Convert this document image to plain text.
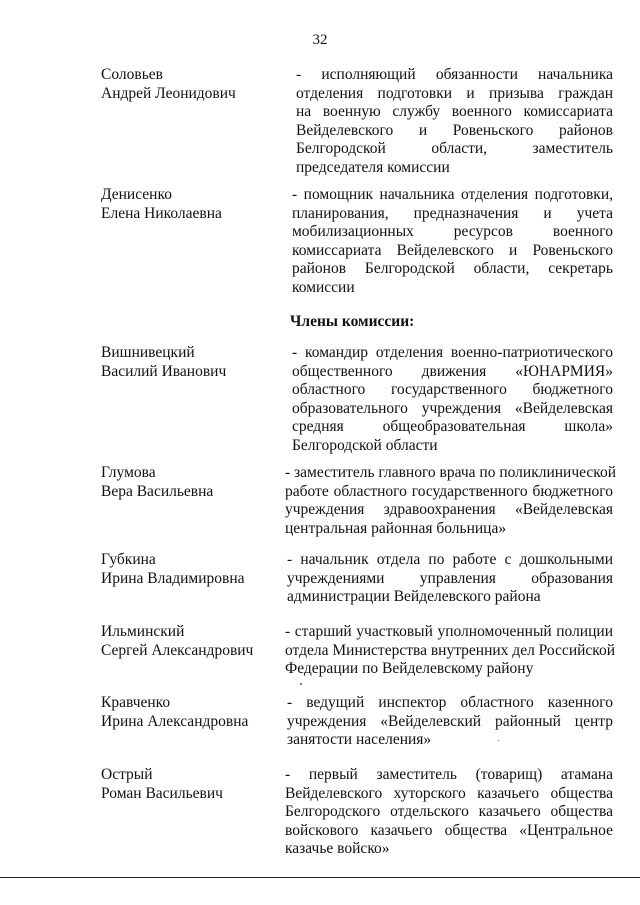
32
Соловьев
Андрей Леонидович
- исполняющий обязанности начальника
отделения подготовки и призыва граждан
на военную службу военного комиссариата
Вейделевского и Ровеньского районов
Белгородской области, заместитель
председателя комиссии
Денисенко
Елена Николаевна
- помощник начальника отделения подготовки,
планирования, предназначения и учета
мобилизационных ресурсов военного
комиссариата Вейделевского и Ровеньского
районов Белгородской области, секретарь
комиссии
Члены комиссии:
Вишнивецкий
Василий Иванович
- командир отделения военно-патриотического
общественного движения «ЮНАРМИЯ»
областного государственного бюджетного
образовательного учреждения «Вейделевская
средняя общеобразовательная школа»
Белгородской области
Глумова
Вера Васильевна
- заместитель главного врача по поликлинической
работе областного государственного бюджетного
учреждения здравоохранения «Вейделевская
центральная районная больница»
Губкина
Ирина Владимировна
- начальник отдела по работе с дошкольными
учреждениями управления образования
администрации Вейделевского района
Ильминский
Сергей Александрович
- старший участковый уполномоченный полиции
отдела Министерства внутренних дел Российской
Федерации по Вейделевскому району
Кравченко
Ирина Александровна
- ведущий инспектор областного казенного
учреждения «Вейделевский районный центр
занятости населения»
Острый
Роман Васильевич
- первый заместитель (товарищ) атамана
Вейделевского хуторского казачьего общества
Белгородского отдельского казачьего общества
войскового казачьего общества «Центральное
казачье войско»
